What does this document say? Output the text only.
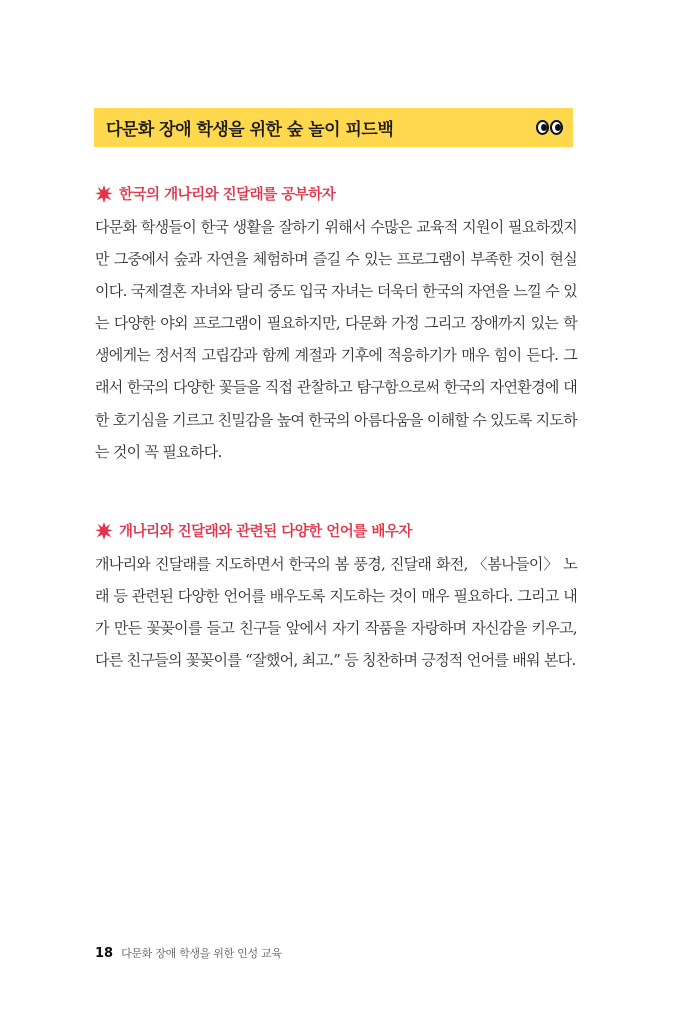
다문화 장애 학생을 위한 숲 놀이 피드백
한국의 개나리와 진달래를 공부하자

다문화 학생들이 한국 생활을 잘하기 위해서 수많은 교육적 지원이 필요하겠지만 그중에서 숲과 자연을 체험하며 즐길 수 있는 프로그램이 부족한 것이 현실이다. 국제결혼 자녀와 달리 중도 입국 자녀는 더욱더 한국의 자연을 느낄 수 있는 다양한 야외 프로그램이 필요하지만, 다문화 가정 그리고 장애까지 있는 학생에게는 정서적 고립감과 함께 계절과 기후에 적응하기가 매우 힘이 든다. 그래서 한국의 다양한 꽃들을 직접 관찰하고 탐구함으로써 한국의 자연환경에 대한 호기심을 기르고 친밀감을 높여 한국의 아름다움을 이해할 수 있도록 지도하는 것이 꼭 필요하다.

개나리와 진달래와 관련된 다양한 언어를 배우자

개나리와 진달래를 지도하면서 한국의 봄 풍경, 진달래 화전, 〈봄나들이〉 노래 등 관련된 다양한 언어를 배우도록 지도하는 것이 매우 필요하다. 그리고 내가 만든 꽃꽂이를 들고 친구들 앞에서 자기 작품을 자랑하며 자신감을 키우고, 다른 친구들의 꽃꽂이를 “잘했어, 최고.” 등 칭찬하며 긍정적 언어를 배워 본다.

18 다문화 장애 학생을 위한 인성 교육
